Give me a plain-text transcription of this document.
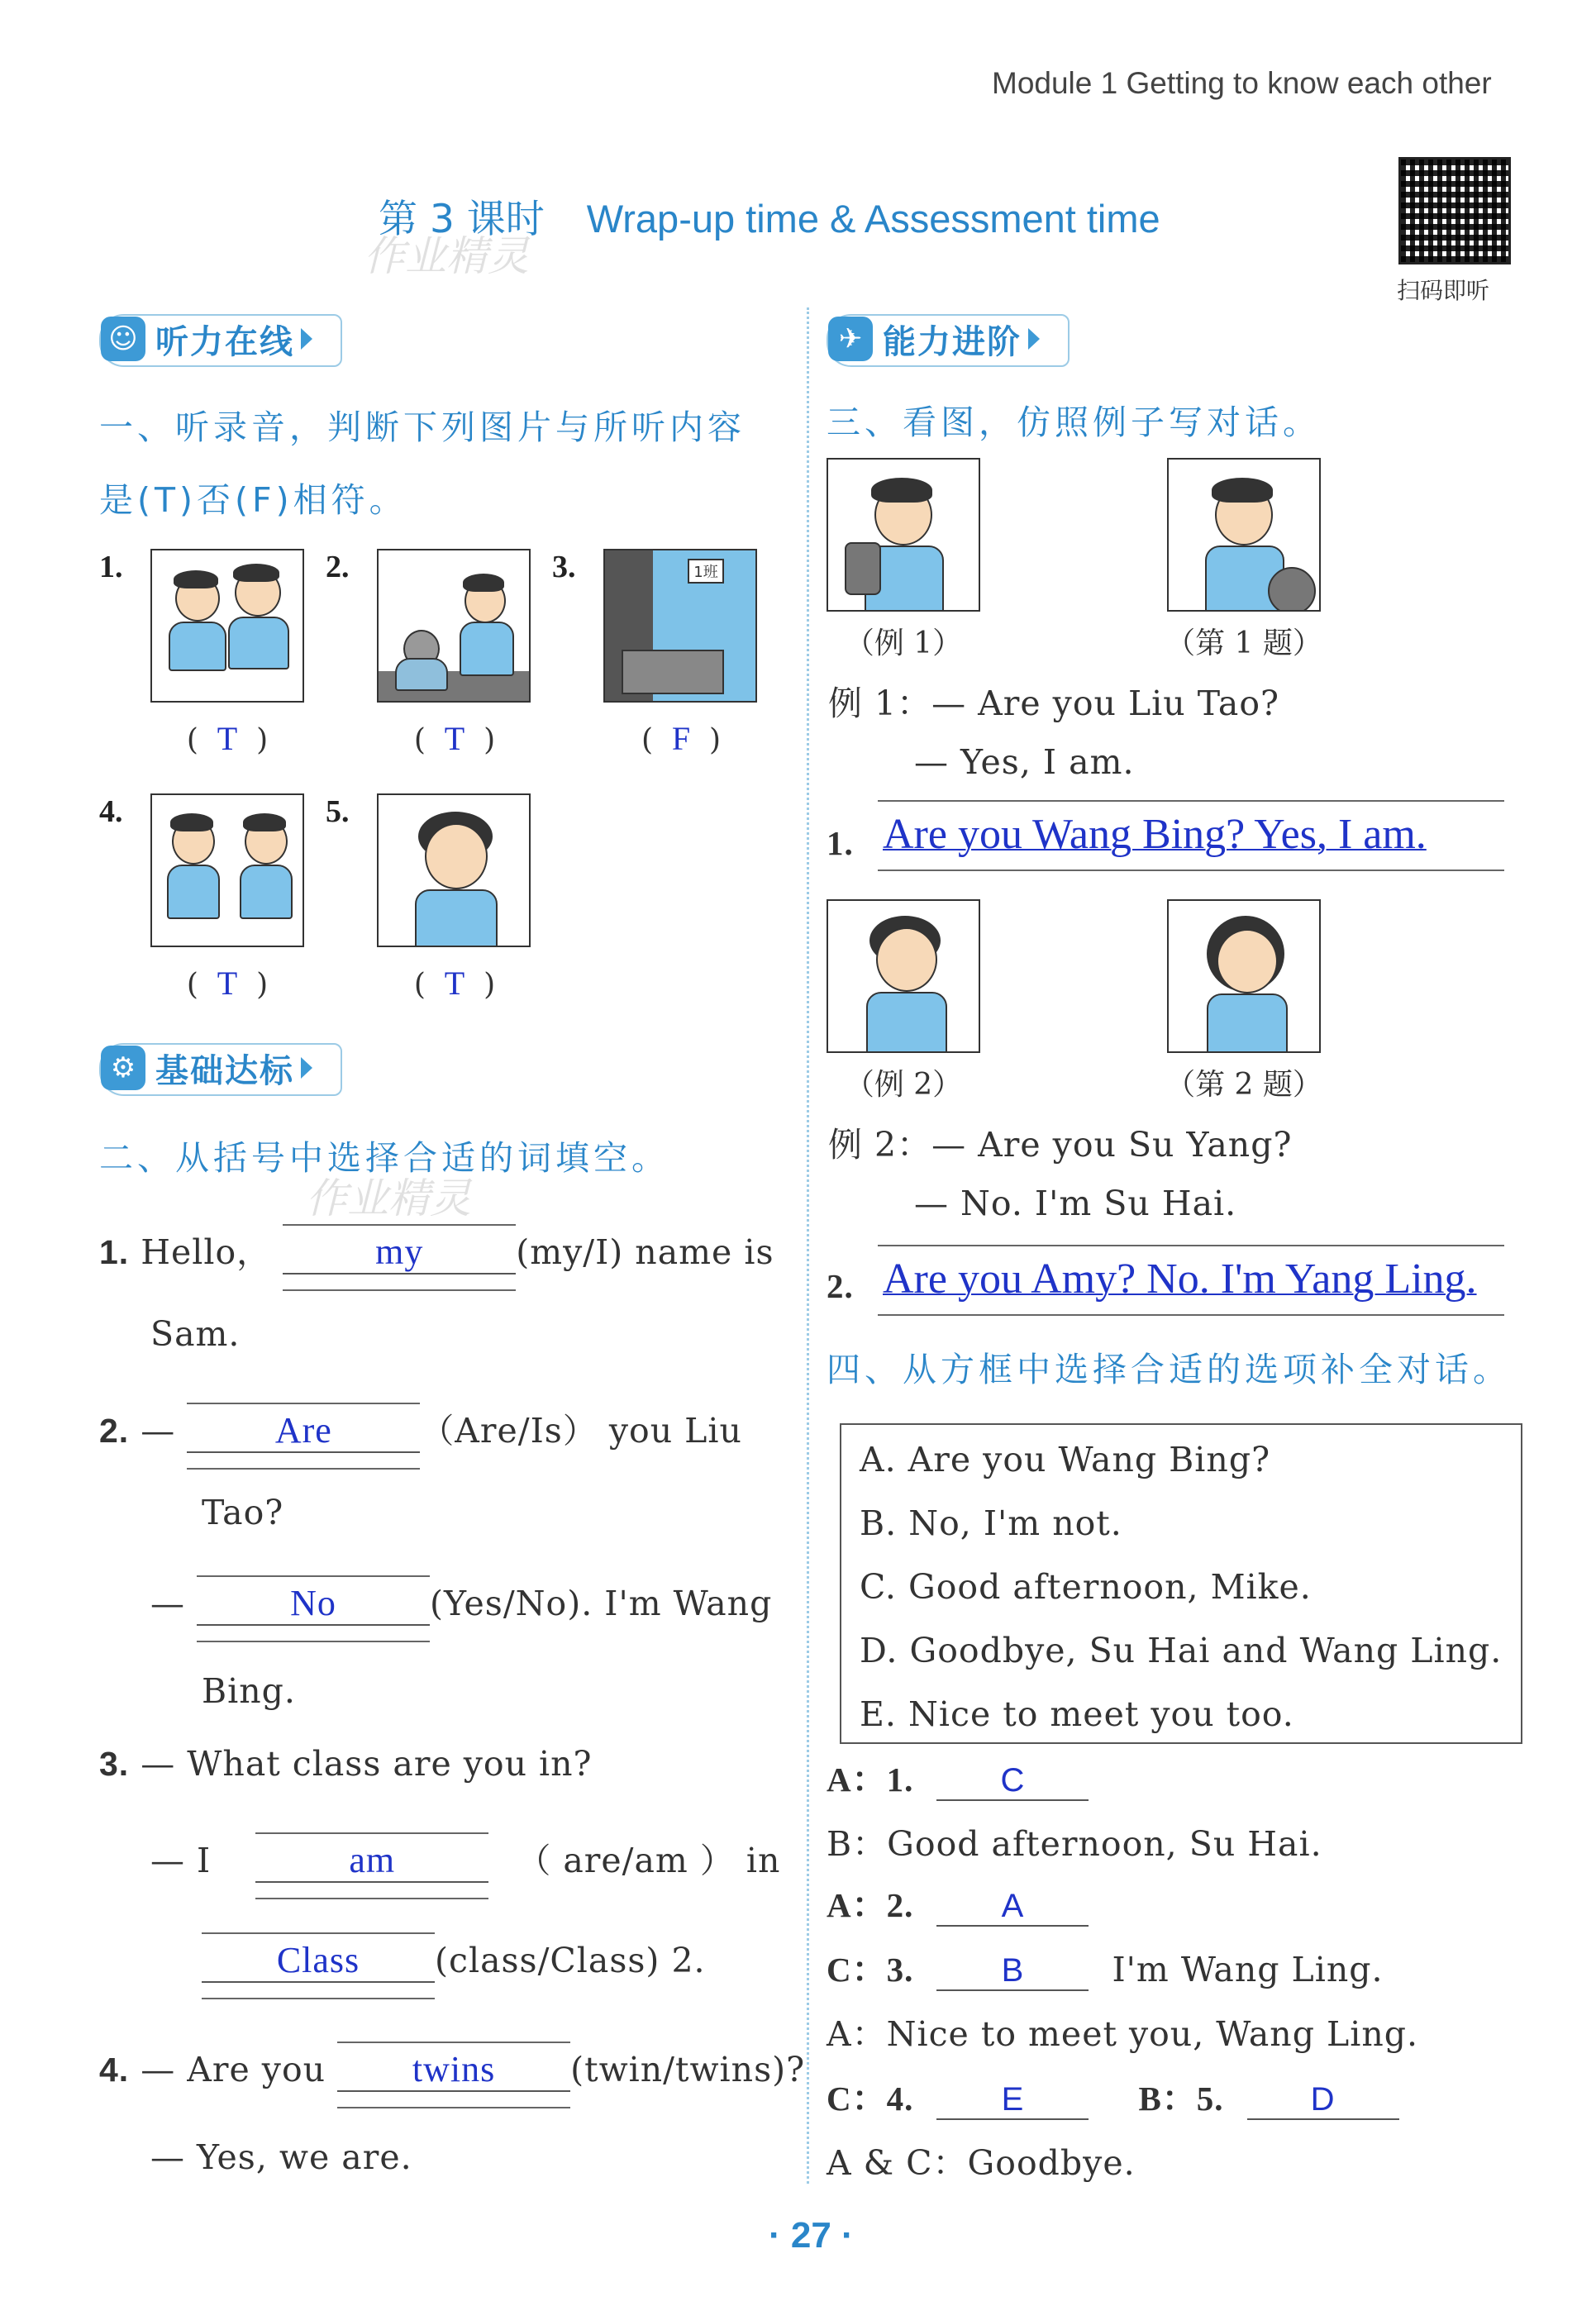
Module 1 Getting to know each other
第 3 课时 Wrap-up time & Assessment time
作业精灵
扫码即听
☺ 听力在线
一、听录音，判断下列图片与所听内容
是(T)否(F)相符。
1.	2.	3.	1班
(  T  )	(  T  )	(  F  )
4.	5.
(  T  )	(  T  )
⚙ 基础达标
二、从括号中选择合适的词填空。
作业精灵
1. Hello，	my	(my/I) name is
Sam.
2. —	Are	（Are/Is） you Liu
Tao?
—	No	(Yes/No). I'm Wang
Bing.
3. — What class are you in?
— I	am	（ are/am ） in
Class (class/Class) 2.
4. — Are you twins (twin/twins)?
— Yes, we are.
✈ 能力进阶
三、看图，仿照例子写对话。
（例 1）	（第 1 题）
例 1：— Are you Liu Tao?
— Yes, I am.
1. Are you Wang Bing? Yes, I am.
（例 2）	（第 2 题）
例 2：— Are you Su Yang?
— No. I'm Su Hai.
2. Are you Amy? No. I'm Yang Ling.
四、从方框中选择合适的选项补全对话。
A. Are you Wang Bing?
B. No, I'm not.
C. Good afternoon, Mike.
D. Goodbye, Su Hai and Wang Ling.
E. Nice to meet you too.
A：1.	C
B：Good afternoon, Su Hai.
A：2.	A
C：3.	B	I'm Wang Ling.
A：Nice to meet you, Wang Ling.
C：4.	E	B：5.	D
A & C：Goodbye.
· 27 ·
